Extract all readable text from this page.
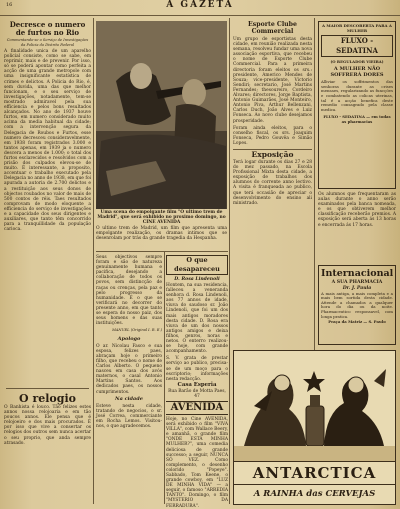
16	A GAZETA
Decresce o numero de furtos no Rio
Commentando-se o Serviço de Investigações da Policia do Distrito Federal
A finalidade unica de um aparelho policial consiste, como se sabe, em reprimir, mais e de prevenir. Por isso, só se poderá apontar como perfeita a acção de uma grande metropole com uma insignificante estatística de crimes e delictos. A Policia do Rio, é, sem duvida, uma das que melhor funcionam, e o seu serviço de investigações, notadamente, tem-se mostrado admiravel pela sua efficiencia e pelos bons resultados alcançados. No ano de 1937 houve furtos, em numero considerado muito acima da media habitual da cidade; com a intervenção segura da Delegacia de Roubos e Furtos, esse numero decresceu consideravelmente, em 1938 foram registrados 3.000 e tantos apenas, em 1939 ja o numero descera a menos de 1.000; o total dos furtos esclarecidos e resolvidos com a prisão dos culpados elevou-se de muito. É interessante, a proposito, accentuar o trabalho executado pela Delegacia no anno de 1938, em que foi apurada a autoria de 2.700 delictos e a restituição aos seus donos de objectos roubados no valor de mais de 500 contos de réis. Taes resultados comprovam de modo eloquente a efficiencia do serviço de investigações e a capacidade dos seus dirigentes e auxiliares, que tanto têm concorrido para a tranquillidade da população carioca.
O relogio
O Banhista é louco. Tão felizes estes annos nossa relojoaria e em tão poucos annos. Ele pensa que é relojoeiro e dos mais procurados. É por isso que vive a consertar os relogios dos outros sem nunca acertar o seu proprio, que anda sempre atrasado.
Uma scena do empolgante film "O ultimo trem de Madrid", que será exhibido no proximo domingo, no CINE AVENIDA
O ultimo trem de Madrid, um film que apresenta uma empolgante realização, os dramas intimos que se desenrolam por trás da grande tragedia da Hespanha.
Seus objectivos sempre foram e são de natureza genuinamente humana e pacifica, desejando a collaboração de todos os povos, sem distincção de raças ou crenças, pela paz e pelo progresso da humanidade. É o que se verificará no decorrer do presente anno, em que tanto se espera do nosso paiz, dos seus homens e das suas instituições.
MANUEL (Original I. R. E.)
Apologo
O ar. Nicolau Fasco e sua esposa, felizes paes, abraçam hoje o primeiro filho, que recebeu o nome de Carlos Alberto. O pequeno nasceu em casa dos avós maternos, o casal Antonio Martins Santos. Aos dedicados paes, os nossos cumprimentos.
Na cidade
Esteve nesta cidade, tratando de negocios, o sr. José Correa, commerciante em Rocha Lemos. Visitou-nos, o que agradecemos.
O que desapareceu
D. Rosa Lindenoli
Hontem, na sua residencia, falleceu a veneranda senhora d. Rosa Lindenoli, aos 77 annos de idade, viuva do saudoso sr. João Lindenoli, que foi um dos mais antigos moradores desta cidade. D. Rosa era viuva de um dos nossos antigos amigos e deixa filhos, genros, noras e netos. O enterro realizou-se hoje, com grande acompanhamento.
S. V. grata de prestar serviço ao publico, precisa-se de um moço para o escriptorio; informações nesta redacção.
Casa Esperia
Rua Barão de Motta Paes, 47
AVENIDA
Hoje, no Cine AVENIDA, será exhibido o film "VIVA VILLA", com Wallace Beery, e amanhã, o grande film "ONDE ESTÁ MINHA MULHER?", uma comedia deliciosa de grande successo; a seguir, NUNCA SÓ VEZ. Como complemento, o desenho colorido "Popeye". Sabbado, Tom Keene, o grande cowboy, em "LUZ DE MINHA VIDA" — a seguir, o famoso "ARREDIA TANTO". Domingo, o film "MYSTERIO DA FERRADURA".
Esporte Clube Commercial
Um grupo de esportistas desta cidade, em reunião realizada nesta semana, resolveu fundar uma nova associação esportiva, que recebeu o nome de Esporte Clube Commercial. Para a primeira directoria foram eleitos os srs.: presidente, Americo Mendes de Souza; vice-presidente, Victorio Sendiri; secretario, José Martins Fernandes; thesoureiro, Cordeiro Alvares; directores, Jorge Baptista, Antonio Guimarães, José Monteiro, Antonio Piva, Arthur Bellenzani, Carlos Duch, João Alves e Luiz Fonseca. Ao novo clube desejamos prosperidade.
Foram ainda eleitos, para o conselho fiscal, os srs. Joaquim Fonseca, Pedro Gouvêa e Simão Lopes.
Exposição
Terá logar durante os dias 27 e 28 do mez passado, na Escola Profissional Mixta desta cidade, a exposição de trabalhos dos alumnos do corrente anno lectivo. A visita é franqueada ao publico, que terá occasião de apreciar o desenvolvimento do ensino ali ministrado.
A MAIOR DESCOBERTA PARA A MULHER
FLUXO - SEDATINA
(O REGULADOR VIEIRA)
A MULHER NÃO SOFFRERÁ DORES
Alliviar os soffrimentos das senhoras durante as crises mensaes, regularizando as funcções e combatendo as colicas uterinas, tal é a acção benefica deste remedio consagrado pela classe medica.
FLUXO - SEDATINA — em todas as pharmacias
Os alumnos que frequentaram as aulas durante o anno serão examinados pela banca nomeada, e os que obtiverem melhor classificação receberão premios. A exposição será aberta ás 13 horas e encerrada ás 17 horas.
Internacional
A SUA PHARMACIA
Dr. J. Paula
A mais antiga, a mais completa e a mais bem sortida desta cidade. Attende a chamados a qualquer hora do dia ou da noite. Pharmaceutico responsavel, com longa pratica.
Praça da Matriz — S. Paulo
ANTARCTICA
A RAINHA das CERVEJAS
